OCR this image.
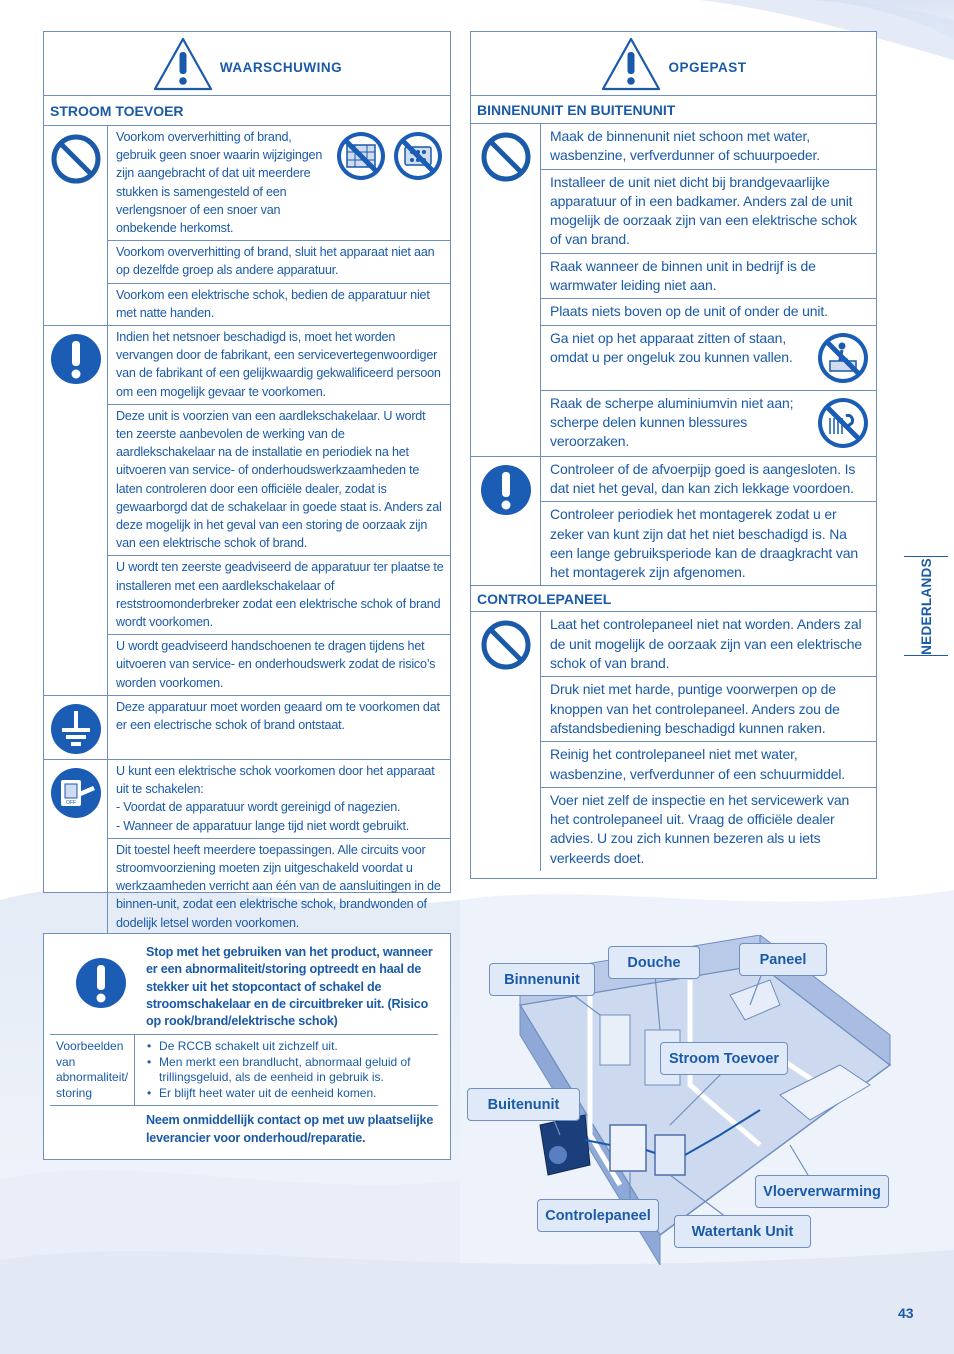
WAARSCHUWING
STROOM TOEVOER
Voorkom oververhitting of brand, gebruik geen snoer waarin wijzigingen zijn aangebracht of dat uit meerdere stukken is samengesteld of een verlengsnoer of een snoer van onbekende herkomst.
Voorkom oververhitting of brand, sluit het apparaat niet aan op dezelfde groep als andere apparatuur.
Voorkom een elektrische schok, bedien de apparatuur niet met natte handen.
Indien het netsnoer beschadigd is, moet het worden vervangen door de fabrikant, een servicevertegenwoordiger van de fabrikant of een gelijkwaardig gekwalificeerd persoon om een mogelijk gevaar te voorkomen.
Deze unit is voorzien van een aardlekschakelaar. U wordt ten zeerste aanbevolen de werking van de aardlekschakelaar na de installatie en periodiek na het uitvoeren van service- of onderhoudswerkzaamheden te laten controleren door een officiële dealer, zodat is gewaarborgd dat de schakelaar in goede staat is. Anders zal deze mogelijk in het geval van een storing de oorzaak zijn van een elektrische schok of brand.
U wordt ten zeerste geadviseerd de apparatuur ter plaatse te installeren met een aardlekschakelaar of reststroomonderbreker zodat een elektrische schok of brand wordt voorkomen.
U wordt geadviseerd handschoenen te dragen tijdens het uitvoeren van service- en onderhoudswerk zodat de risico’s worden voorkomen.
Deze apparatuur moet worden geaard om te voorkomen dat er een electrische schok of brand ontstaat.
OFF
U kunt een elektrische schok voorkomen door het apparaat uit te schakelen:
- Voordat de apparatuur wordt gereinigd of nagezien.
- Wanneer de apparatuur lange tijd niet wordt gebruikt.
Dit toestel heeft meerdere toepassingen. Alle circuits voor stroomvoorziening moeten zijn uitgeschakeld voordat u werkzaamheden verricht aan één van de aansluitingen in de binnen-unit, zodat een elektrische schok, brandwonden of dodelijk letsel worden voorkomen.
OPGEPAST
BINNENUNIT EN BUITENUNIT
Maak de binnenunit niet schoon met water, wasbenzine, verfverdunner of schuurpoeder.
Installeer de unit niet dicht bij brandgevaarlijke apparatuur of in een badkamer. Anders zal de unit mogelijk de oorzaak zijn van een elektrische schok of van brand.
Raak wanneer de binnen unit in bedrijf is de warmwater leiding niet aan.
Plaats niets boven op de unit of onder de unit.
Ga niet op het apparaat zitten of staan, omdat u per ongeluk zou kunnen vallen.
Raak de scherpe aluminiumvin niet aan; scherpe delen kunnen blessures veroorzaken.
Controleer of de afvoerpijp goed is aangesloten. Is dat niet het geval, dan kan zich lekkage voordoen.
Controleer periodiek het montagerek zodat u er zeker van kunt zijn dat het niet beschadigd is. Na een lange gebruiksperiode kan de draagkracht van het montagerek zijn afgenomen.
CONTROLEPANEEL
Laat het controlepaneel niet nat worden. Anders zal de unit mogelijk de oorzaak zijn van een elektrische schok of van brand.
Druk niet met harde, puntige voorwerpen op de knoppen van het controlepaneel. Anders zou de afstandsbediening beschadigd kunnen raken.
Reinig het controlepaneel niet met water, wasbenzine, verfverdunner of een schuurmiddel.
Voer niet zelf de inspectie en het servicewerk van het controlepaneel uit. Vraag de officiële dealer advies. U zou zich kunnen bezeren als u iets verkeerds doet.
NEDERLANDS
Stop met het gebruiken van het product, wanneer er een abnormaliteit/storing optreedt en haal de stekker uit het stopcontact of schakel de stroomschakelaar en de circuitbreker uit. (Risico op rook/brand/elektrische schok)
Voorbeelden van abnormaliteit/ storing
• De RCCB schakelt uit zichzelf uit.
• Men merkt een brandlucht, abnormaal geluid of trillingsgeluid, als de eenheid in gebruik is.
• Er blijft heet water uit de eenheid komen.
Neem onmiddellijk contact op met uw plaatselijke leverancier voor onderhoud/reparatie.
Binnenunit
Douche	Paneel
Stroom Toevoer
Buitenunit
Vloerverwarming
Controlepaneel
Watertank Unit
43
